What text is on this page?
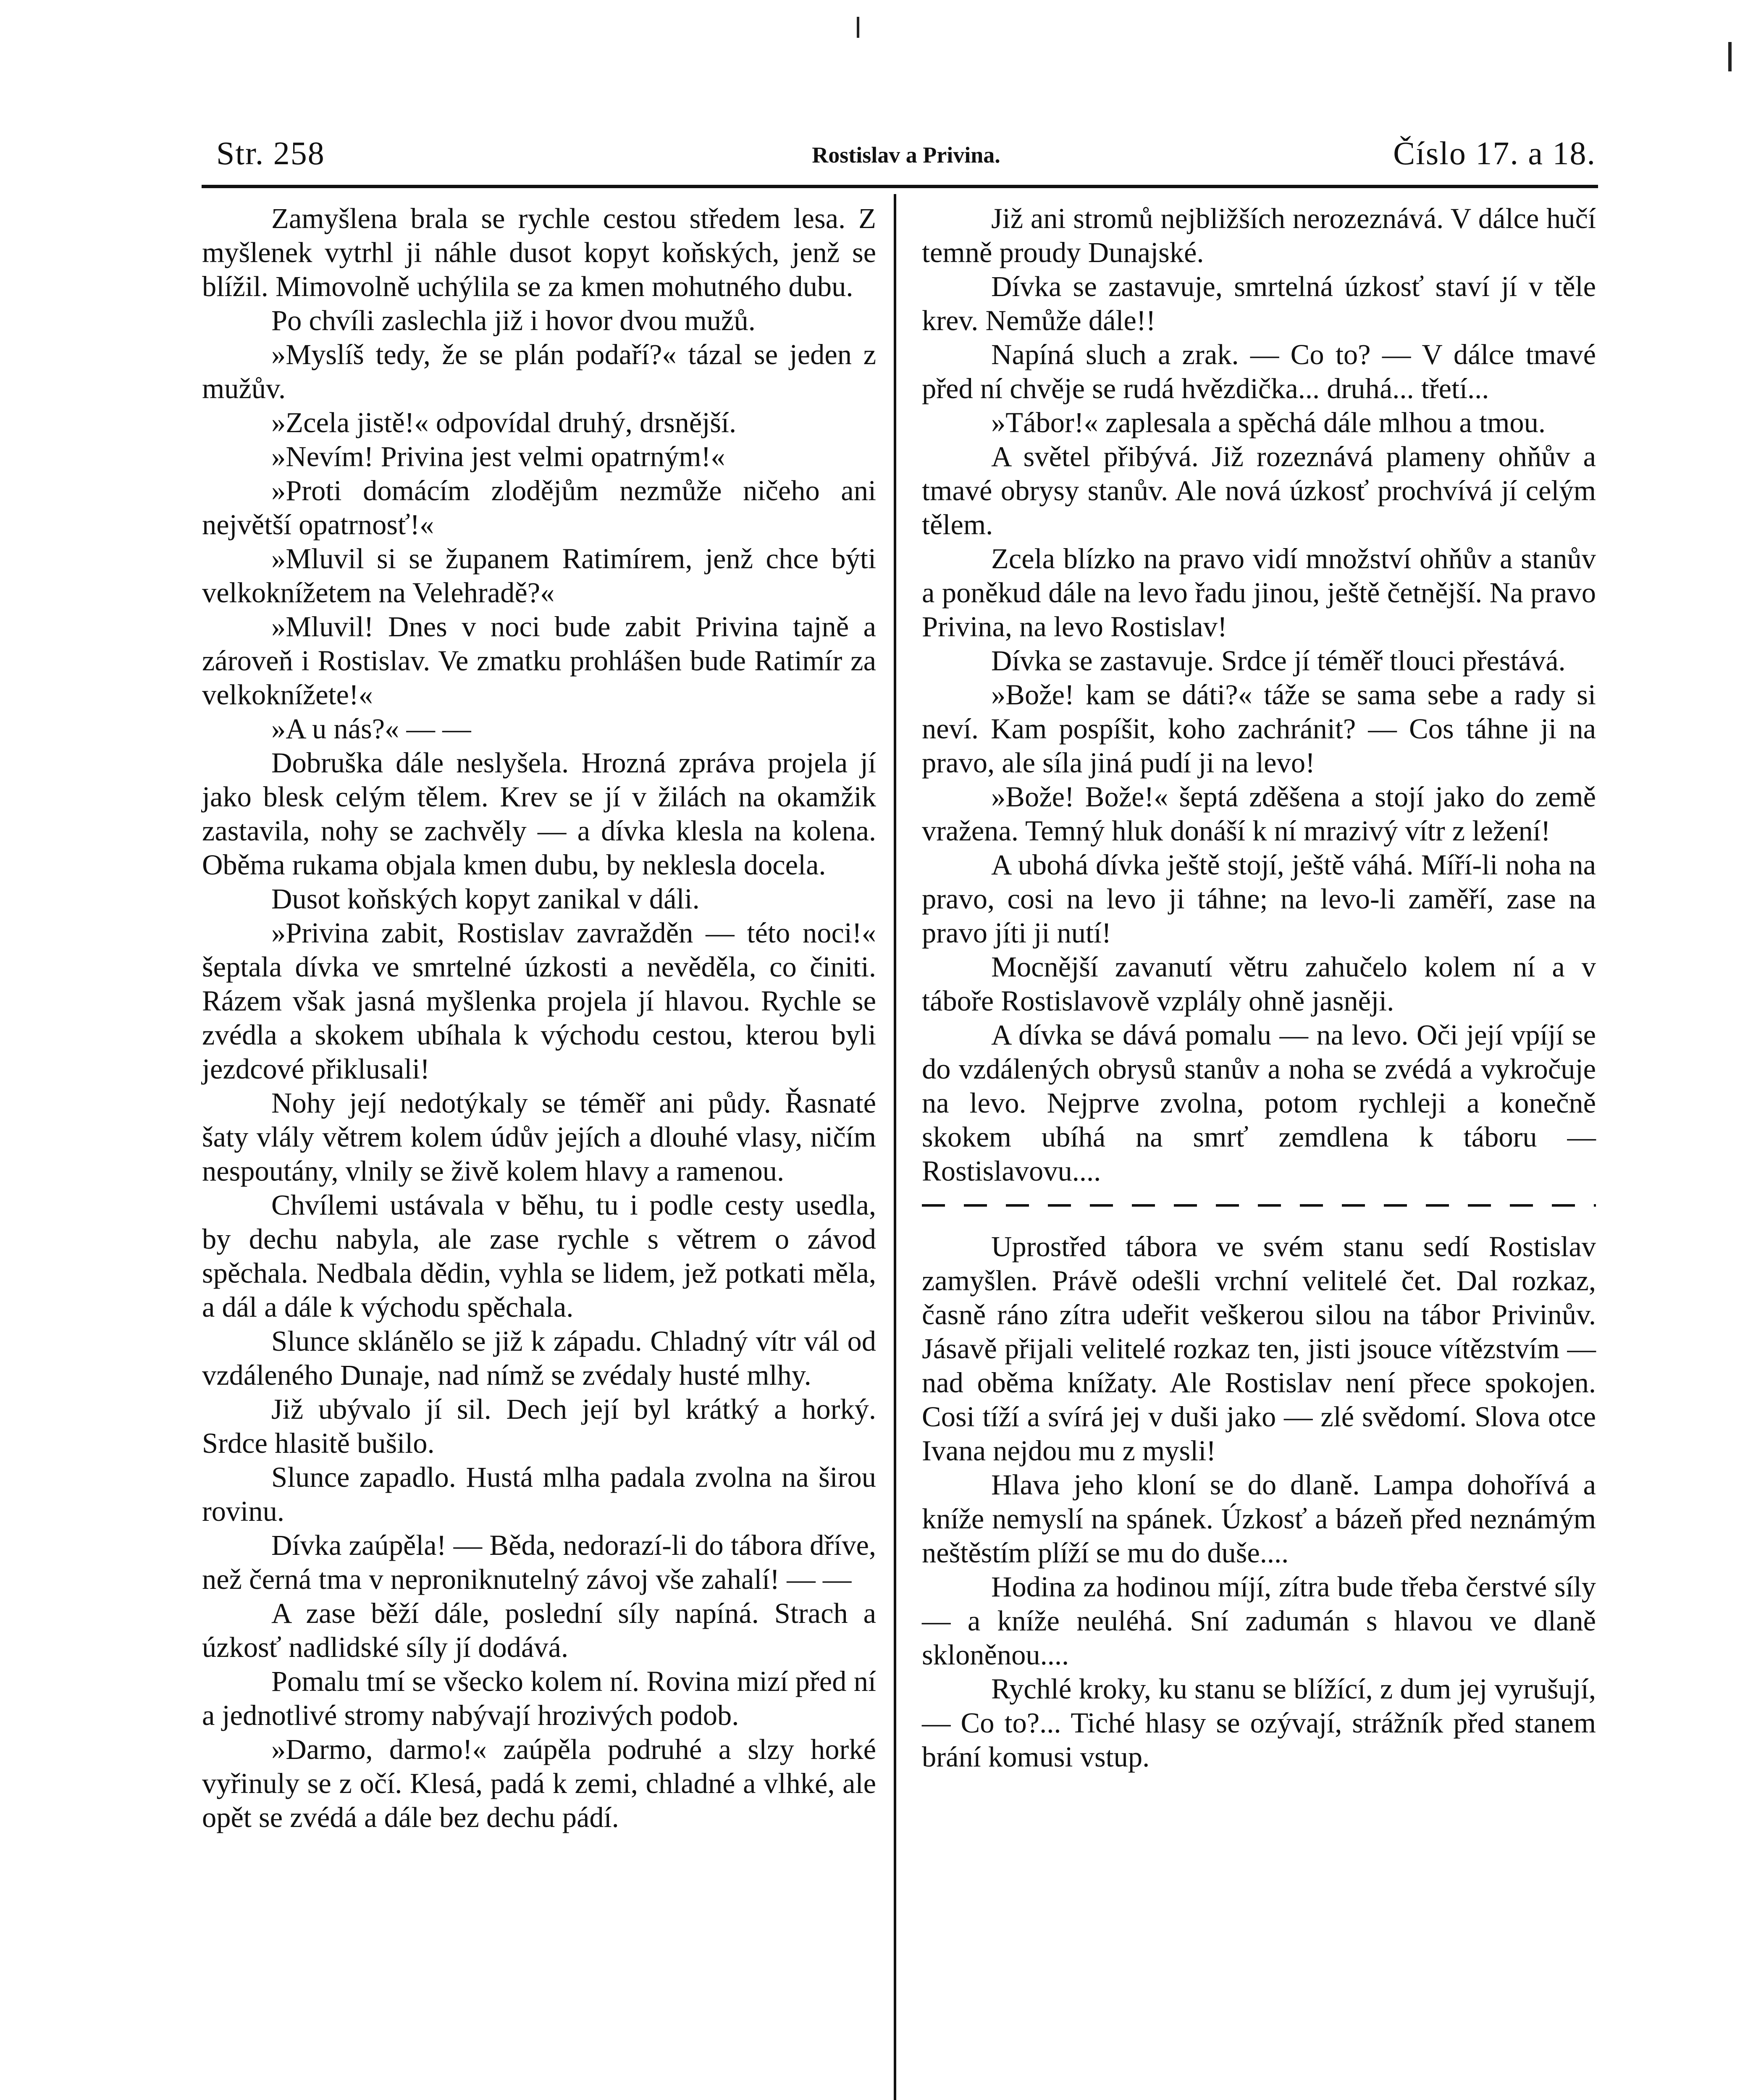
Str. 258	Rostislav a Privina.	Číslo 17. a 18.

Zamyšlena brala se rychle cestou středem lesa. Z myšlenek vytrhl ji náhle dusot kopyt koňských, jenž se blížil. Mimovolně uchýlila se za kmen mohutného dubu.

Po chvíli zaslechla již i hovor dvou mužů.

»Myslíš tedy, že se plán podaří?« tázal se jeden z mužův.

»Zcela jistě!« odpovídal druhý, drsnější.

»Nevím! Privina jest velmi opatrným!«

»Proti domácím zlodějům nezmůže ničeho ani největší opatrnosť!«

»Mluvil si se županem Ratimírem, jenž chce býti velkoknížetem na Velehradě?«

»Mluvil! Dnes v noci bude zabit Privina tajně a zároveň i Rostislav. Ve zmatku prohlášen bude Ratimír za velkoknížete!«

»A u nás?« — —

Dobruška dále neslyšela. Hrozná zpráva projela jí jako blesk celým tělem. Krev se jí v žilách na okamžik zastavila, nohy se zachvěly — a dívka klesla na kolena. Oběma rukama objala kmen dubu, by neklesla docela.

Dusot koňských kopyt zanikal v dáli.

»Privina zabit, Rostislav zavražděn — této noci!« šeptala dívka ve smrtelné úzkosti a nevěděla, co činiti. Rázem však jasná myšlenka projela jí hlavou. Rychle se zvédla a skokem ubíhala k východu cestou, kterou byli jezdcové přiklusali!

Nohy její nedotýkaly se téměř ani půdy. Řasnaté šaty vlály větrem kolem údův jejích a dlouhé vlasy, ničím nespoutány, vlnily se živě kolem hlavy a ramenou.

Chvílemi ustávala v běhu, tu i podle cesty usedla, by dechu nabyla, ale zase rychle s větrem o závod spěchala. Nedbala dědin, vyhla se lidem, jež potkati měla, a dál a dále k východu spěchala.

Slunce sklánělo se již k západu. Chladný vítr vál od vzdáleného Dunaje, nad nímž se zvédaly husté mlhy.

Již ubývalo jí sil. Dech její byl krátký a horký. Srdce hlasitě bušilo.

Slunce zapadlo. Hustá mlha padala zvolna na širou rovinu.

Dívka zaúpěla! — Běda, nedorazí-li do tábora dříve, než černá tma v neproniknutelný závoj vše zahalí! — —

A zase běží dále, poslední síly napíná. Strach a úzkosť nadlidské síly jí dodává.

Pomalu tmí se všecko kolem ní. Rovina mizí před ní a jednotlivé stromy nabývají hrozivých podob.

»Darmo, darmo!« zaúpěla podruhé a slzy horké vyřinuly se z očí. Klesá, padá k zemi, chladné a vlhké, ale opět se zvédá a dále bez dechu pádí.

Již ani stromů nejbližších nerozeznává. V dálce hučí temně proudy Dunajské.

Dívka se zastavuje, smrtelná úzkosť staví jí v těle krev. Nemůže dále!!

Napíná sluch a zrak. — Co to? — V dálce tmavé před ní chvěje se rudá hvězdička... druhá... třetí...

»Tábor!« zaplesala a spěchá dále mlhou a tmou.

A světel přibývá. Již rozeznává plameny ohňův a tmavé obrysy stanův. Ale nová úzkosť prochvívá jí celým tělem.

Zcela blízko na pravo vidí množství ohňův a stanův a poněkud dále na levo řadu jinou, ještě četnější. Na pravo Privina, na levo Rostislav!

Dívka se zastavuje. Srdce jí téměř tlouci přestává.

»Bože! kam se dáti?« táže se sama sebe a rady si neví. Kam pospíšit, koho zachránit? — Cos táhne ji na pravo, ale síla jiná pudí ji na levo!

»Bože! Bože!« šeptá zděšena a stojí jako do země vražena. Temný hluk donáší k ní mrazivý vítr z ležení!

A ubohá dívka ještě stojí, ještě váhá. Míří-li noha na pravo, cosi na levo ji táhne; na levo-li zaměří, zase na pravo jíti ji nutí!

Mocnější zavanutí větru zahučelo kolem ní a v táboře Rostislavově vzplály ohně jasněji.

A dívka se dává pomalu — na levo. Oči její vpíjí se do vzdálených obrysů stanův a noha se zvédá a vykročuje na levo. Nejprve zvolna, potom rychleji a konečně skokem ubíhá na smrť zemdlena k táboru — Rostislavovu....

Uprostřed tábora ve svém stanu sedí Rostislav zamyšlen. Právě odešli vrchní velitelé čet. Dal rozkaz, časně ráno zítra udeřit veškerou silou na tábor Privinův. Jásavě přijali velitelé rozkaz ten, jisti jsouce vítězstvím — nad oběma knížaty. Ale Rostislav není přece spokojen. Cosi tíží a svírá jej v duši jako — zlé svědomí. Slova otce Ivana nejdou mu z mysli!

Hlava jeho kloní se do dlaně. Lampa dohořívá a kníže nemyslí na spánek. Úzkosť a bázeň před neznámým neštěstím plíží se mu do duše....

Hodina za hodinou míjí, zítra bude třeba čerstvé síly — a kníže neuléhá. Sní zadumán s hlavou ve dlaně skloněnou....

Rychlé kroky, ku stanu se blížící, z dum jej vyrušují, — Co to?... Tiché hlasy se ozývají, strážník před stanem brání komusi vstup.
